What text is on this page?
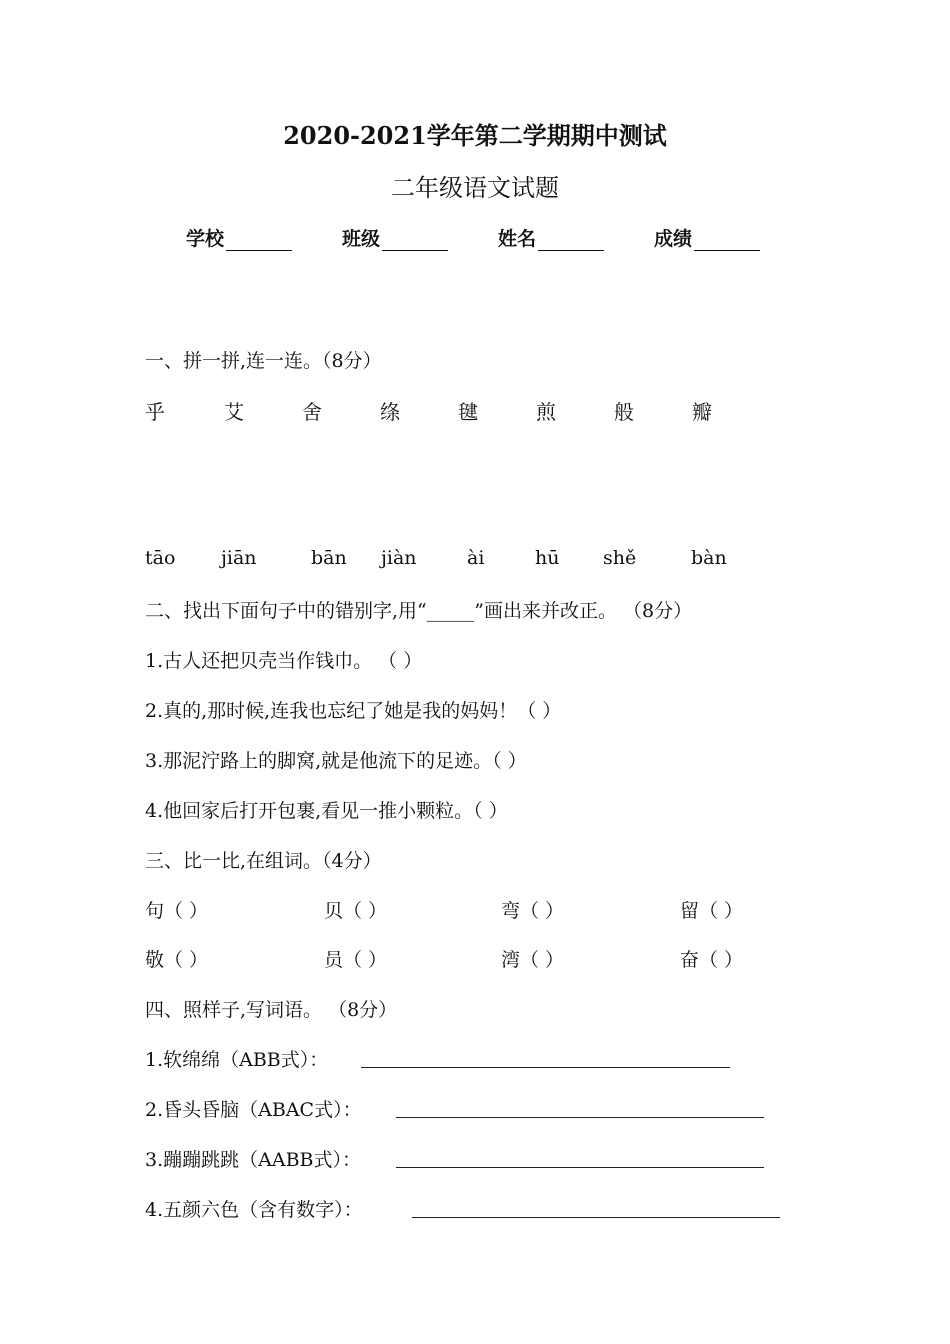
2020-2021学年第二学期期中测试
二年级语文试题
学校	班级	姓名	成绩
一、拼一拼,连一连。（8分）
乎	艾	舍	绦	毽	煎	般	瓣
tāo jiān	bān jiàn	ài	hū shě	bàn
二、找出下面句子中的错别字,用“_____”画出来并改正。 （8分）
1.古人还把贝壳当作钱巾。 （ ）
2.真的,那时候,连我也忘纪了她是我的妈妈！（ ）
3.那泥泞路上的脚窝,就是他流下的足迹。（ ）
4.他回家后打开包裹,看见一推小颗粒。（ ）
三、比一比,在组词。（4分）
句（ ）	贝（ ）	弯（ ）	留（ ）
敬（ ）	员（ ）	湾（ ）	奋（ ）
四、照样子,写词语。 （8分）
1.软绵绵（ABB式）：
2.昏头昏脑（ABAC式）：
3.蹦蹦跳跳（AABB式）：
4.五颜六色（含有数字）：
